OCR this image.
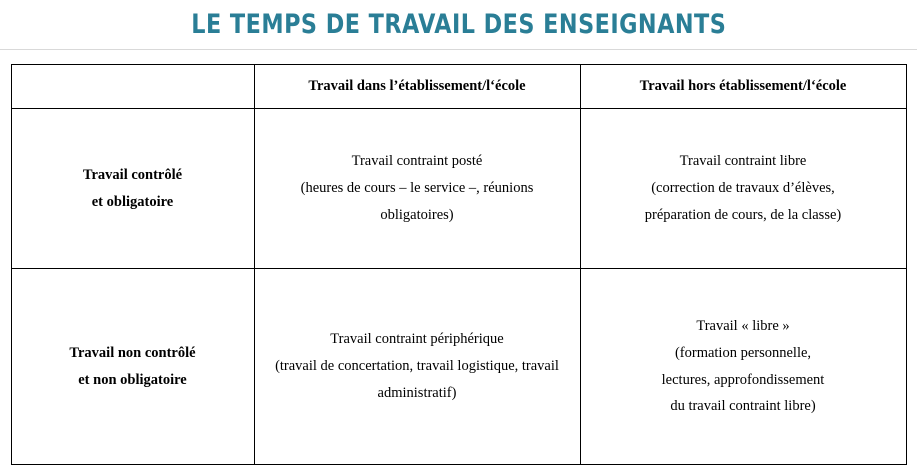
LE TEMPS DE TRAVAIL DES ENSEIGNANTS
	Travail dans l’établissement/l‘école	Travail hors établissement/l‘école

Travail contrôlé
et obligatoire	Travail contraint posté
(heures de cours – le service –, réunions
obligatoires)	Travail contraint libre
(correction de travaux d’élèves,
préparation de cours, de la classe)

Travail non contrôlé
et non obligatoire	Travail contraint périphérique
(travail de concertation, travail logistique, travail
administratif)	Travail « libre »
(formation personnelle,
lectures, approfondissement
du travail contraint libre)
